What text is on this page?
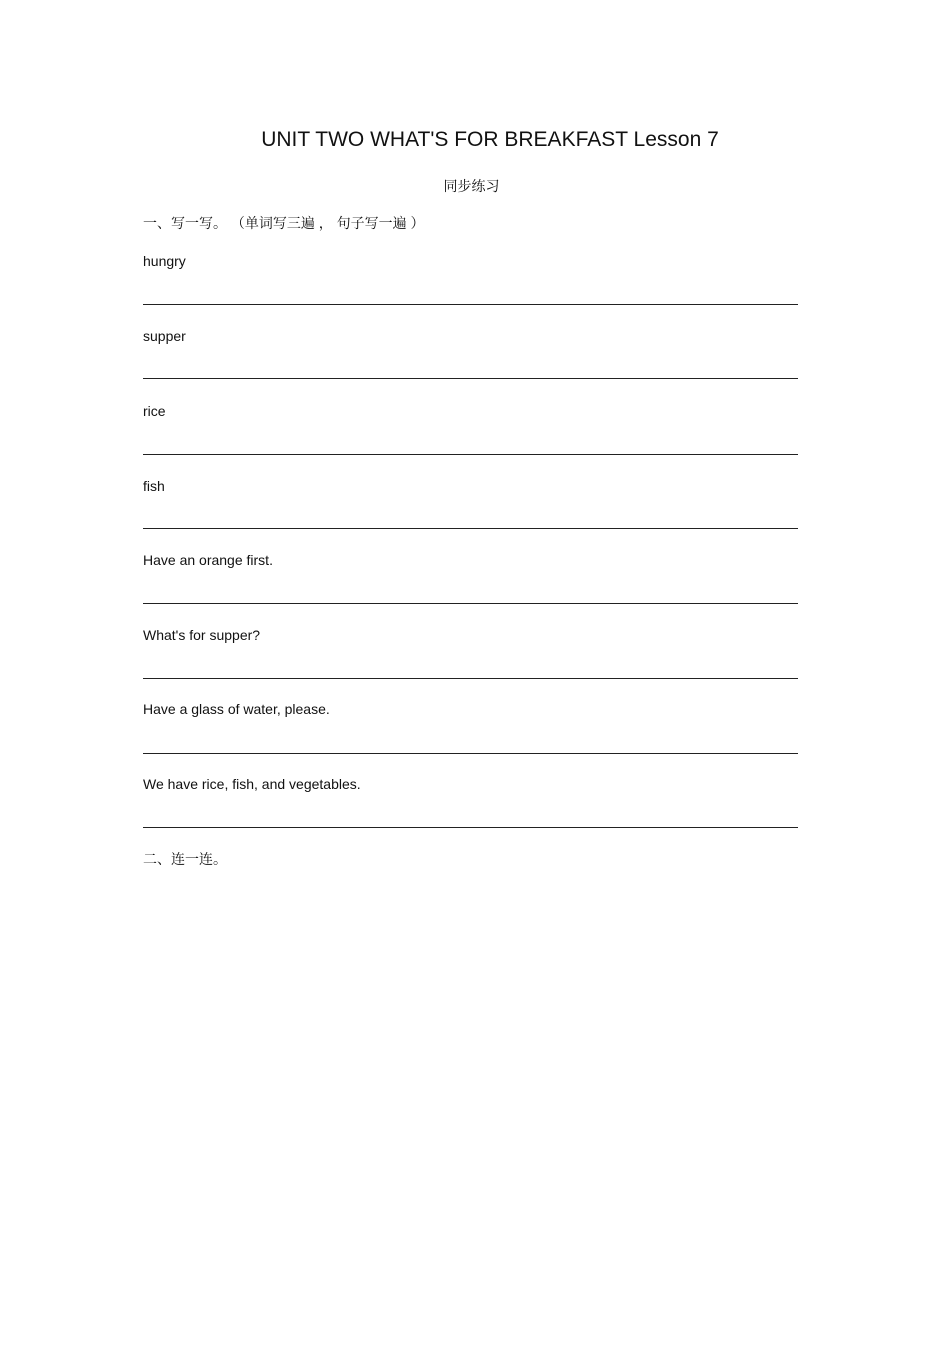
UNIT TWO WHAT'S FOR BREAKFAST Lesson 7
同步练习
一、写一写。 （单词写三遍 ， 句子写一遍 ）
hungry
supper
rice
fish
Have an orange first.
What's for supper?
Have a glass of water, please.
We have rice, fish, and vegetables.
二、连一连。
